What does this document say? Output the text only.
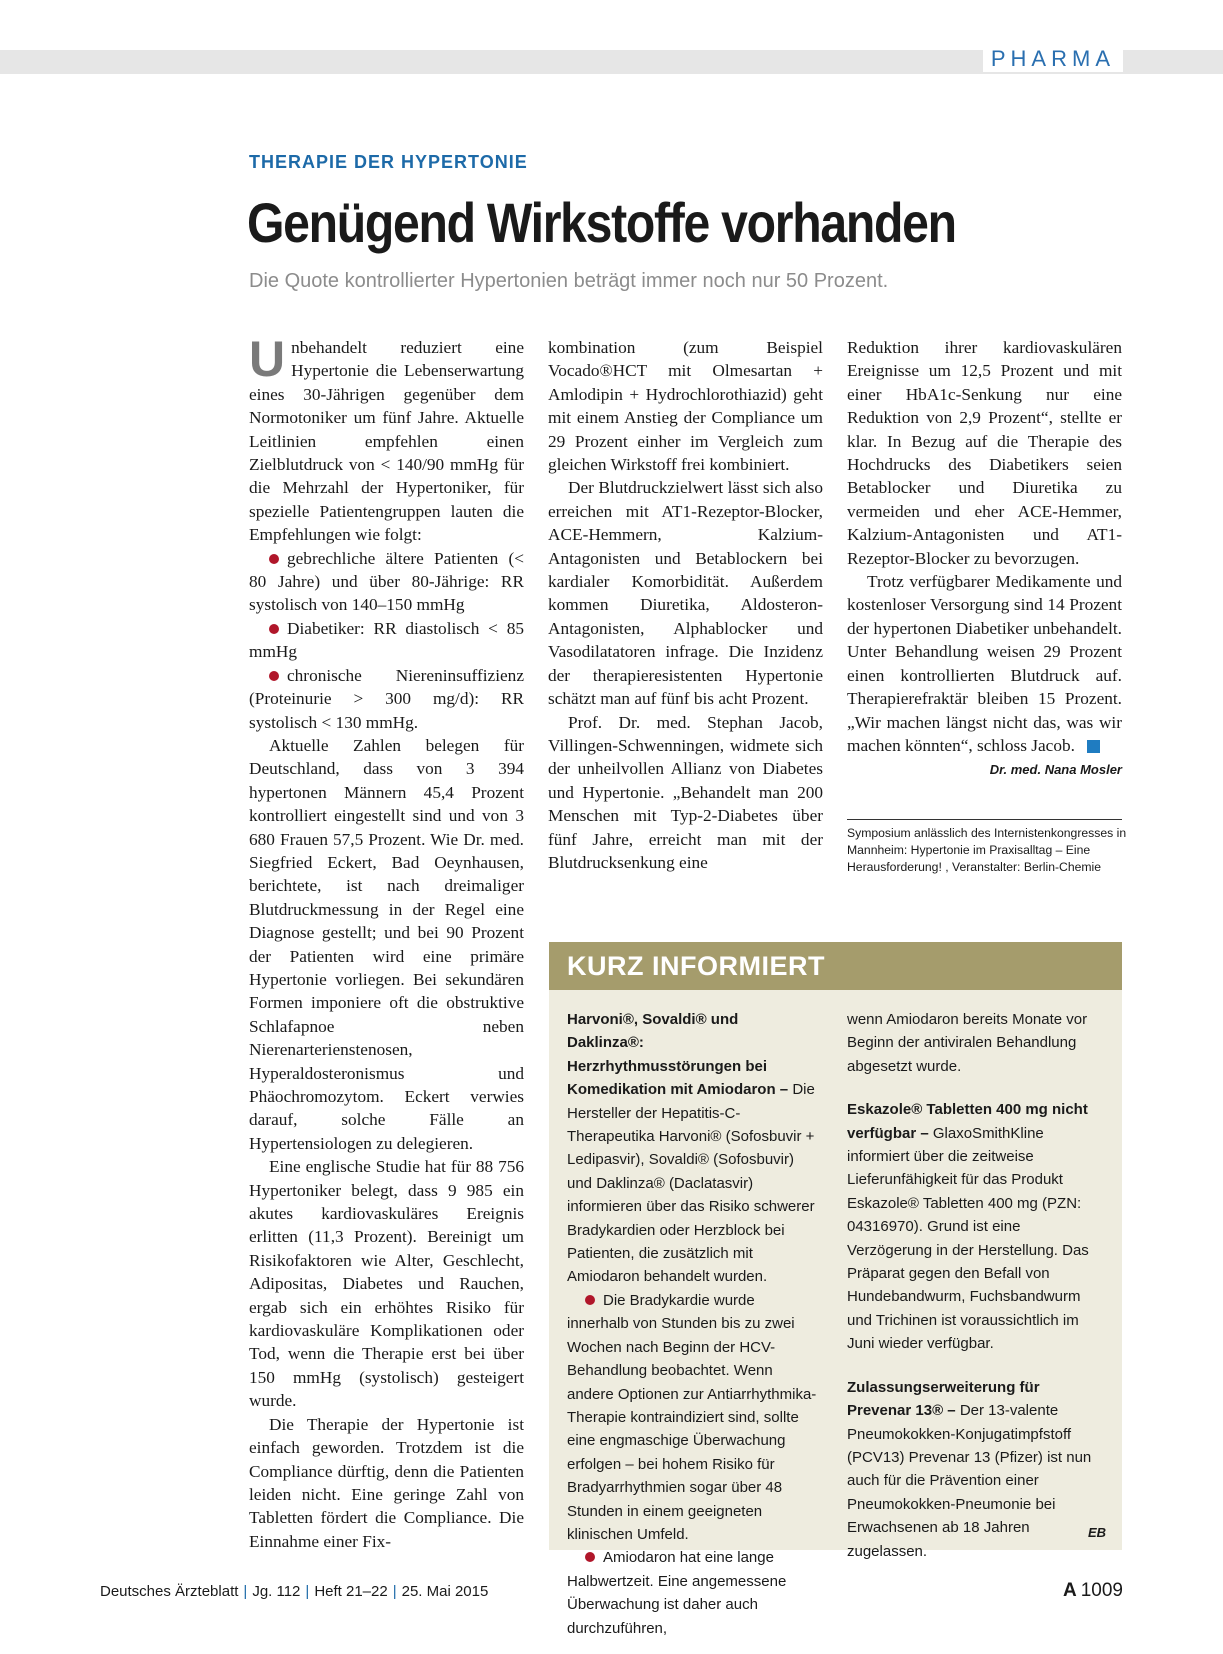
PHARMA
THERAPIE DER HYPERTONIE
Genügend Wirkstoffe vorhanden
Die Quote kontrollierter Hypertonien beträgt immer noch nur 50 Prozent.

Unbehandelt reduziert eine Hypertonie die Lebenserwartung eines 30-Jährigen gegenüber dem Normotoniker um fünf Jahre. Aktuelle Leitlinien empfehlen einen Zielblutdruck von < 140/90 mmHg für die Mehrzahl der Hypertoniker, für spezielle Patientengruppen lauten die Empfehlungen wie folgt:

gebrechliche ältere Patienten (< 80 Jahre) und über 80-Jährige: RR systolisch von 140–150 mmHg

Diabetiker: RR diastolisch < 85 mmHg

chronische Niereninsuffizienz (Proteinurie > 300 mg/d): RR systolisch < 130 mmHg.

Aktuelle Zahlen belegen für Deutschland, dass von 3 394 hypertonen Männern 45,4 Prozent kontrolliert eingestellt sind und von 3 680 Frauen 57,5 Prozent. Wie Dr. med. Siegfried Eckert, Bad Oeynhausen, berichtete, ist nach dreimaliger Blutdruckmessung in der Regel eine Diagnose gestellt; und bei 90 Prozent der Patienten wird eine primäre Hypertonie vorliegen. Bei sekundären Formen imponiere oft die obstruktive Schlafapnoe neben Nierenarterienstenosen, Hyperaldosteronismus und Phäochromozytom. Eckert verwies darauf, solche Fälle an Hypertensiologen zu delegieren.

Eine englische Studie hat für 88 756 Hypertoniker belegt, dass 9 985 ein akutes kardiovaskuläres Ereignis erlitten (11,3 Prozent). Bereinigt um Risikofaktoren wie Alter, Geschlecht, Adipositas, Diabetes und Rauchen, ergab sich ein erhöhtes Risiko für kardiovaskuläre Komplikationen oder Tod, wenn die Therapie erst bei über 150 mmHg (systolisch) gesteigert wurde.

Die Therapie der Hypertonie ist einfach geworden. Trotzdem ist die Compliance dürftig, denn die Patienten leiden nicht. Eine geringe Zahl von Tabletten fördert die Compliance. Die Einnahme einer Fix-

kombination (zum Beispiel Vocado®HCT mit Olmesartan + Amlodipin + Hydrochlorothiazid) geht mit einem Anstieg der Compliance um 29 Prozent einher im Vergleich zum gleichen Wirkstoff frei kombiniert.

Der Blutdruckzielwert lässt sich also erreichen mit AT1-Rezeptor-Blocker, ACE-Hemmern, Kalzium-Antagonisten und Betablockern bei kardialer Komorbidität. Außerdem kommen Diuretika, Aldosteron-Antagonisten, Alphablocker und Vasodilatatoren infrage. Die Inzidenz der therapieresistenten Hypertonie schätzt man auf fünf bis acht Prozent.

Prof. Dr. med. Stephan Jacob, Villingen-Schwenningen, widmete sich der unheilvollen Allianz von Diabetes und Hypertonie. „Behandelt man 200 Menschen mit Typ-2-Diabetes über fünf Jahre, erreicht man mit der Blutdrucksenkung eine

Reduktion ihrer kardiovaskulären Ereignisse um 12,5 Prozent und mit einer HbA1c-Senkung nur eine Reduktion von 2,9 Prozent“, stellte er klar. In Bezug auf die Therapie des Hochdrucks des Diabetikers seien Betablocker und Diuretika zu vermeiden und eher ACE-Hemmer, Kalzium-Antagonisten und AT1-Rezeptor-Blocker zu bevorzugen.

Trotz verfügbarer Medikamente und kostenloser Versorgung sind 14 Prozent der hypertonen Diabetiker unbehandelt. Unter Behandlung weisen 29 Prozent einen kontrollierten Blutdruck auf. Therapierefraktär bleiben 15 Prozent. „Wir machen längst nicht das, was wir machen könnten“, schloss Jacob.

Dr. med. Nana Mosler
Symposium anlässlich des Internistenkongresses in Mannheim: Hypertonie im Praxisalltag – Eine Herausforderung! , Veranstalter: Berlin-Chemie
KURZ INFORMIERT

Harvoni®, Sovaldi® und Daklinza®: Herzrhythmusstörungen bei Komedikation mit Amiodaron – Die Hersteller der Hepatitis-C-Therapeutika Harvoni® (Sofosbuvir + Ledipasvir), Sovaldi® (Sofosbuvir) und Daklinza® (Daclatasvir) informieren über das Risiko schwerer Bradykardien oder Herzblock bei Patienten, die zusätzlich mit Amiodaron behandelt wurden.

Die Bradykardie wurde innerhalb von Stunden bis zu zwei Wochen nach Beginn der HCV-Behandlung beobachtet. Wenn andere Optionen zur Antiarrhythmika-Therapie kontraindiziert sind, sollte eine engmaschige Überwachung erfolgen – bei hohem Risiko für Bradyarrhythmien sogar über 48 Stunden in einem geeigneten klinischen Umfeld.

Amiodaron hat eine lange Halbwertzeit. Eine angemessene Überwachung ist daher auch durchzuführen,

wenn Amiodaron bereits Monate vor Beginn der antiviralen Behandlung abgesetzt wurde.

Eskazole® Tabletten 400 mg nicht verfügbar – GlaxoSmithKline informiert über die zeitweise Lieferunfähigkeit für das Produkt Eskazole® Tabletten 400 mg (PZN: 04316970). Grund ist eine Verzögerung in der Herstellung. Das Präparat gegen den Befall von Hundebandwurm, Fuchsbandwurm und Trichinen ist voraussichtlich im Juni wieder verfügbar.

Zulassungserweiterung für Prevenar 13® – Der 13-valente Pneumokokken-Konjugatimpfstoff (PCV13) Prevenar 13 (Pfizer) ist nun auch für die Prävention einer Pneumokokken-Pneumonie bei Erwachsenen ab 18 Jahren zugelassen.

EB
Deutsches Ärzteblatt | Jg. 112 | Heft 21–22 | 25. Mai 2015	A 1009
